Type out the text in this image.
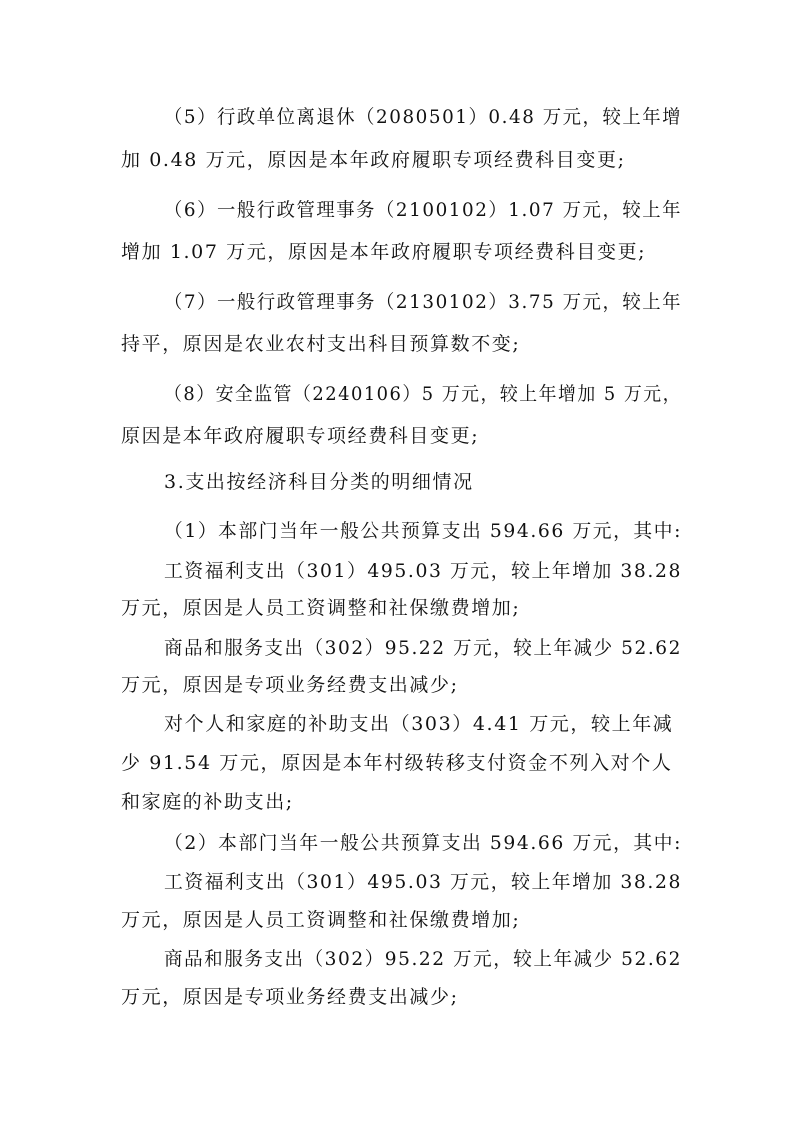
（5）行政单位离退休（2080501）0.48 万元，较上年增
加 0.48 万元，原因是本年政府履职专项经费科目变更;
（6）一般行政管理事务（2100102）1.07 万元，较上年
增加 1.07 万元，原因是本年政府履职专项经费科目变更;
（7）一般行政管理事务（2130102）3.75 万元，较上年
持平，原因是农业农村支出科目预算数不变;
（8）安全监管（2240106）5 万元，较上年增加 5 万元，
原因是本年政府履职专项经费科目变更;
3.支出按经济科目分类的明细情况
（1）本部门当年一般公共预算支出 594.66 万元，其中:
工资福利支出（301）495.03 万元，较上年增加 38.28
万元，原因是人员工资调整和社保缴费增加;
商品和服务支出（302）95.22 万元，较上年减少 52.62
万元，原因是专项业务经费支出减少;
对个人和家庭的补助支出（303）4.41 万元，较上年减
少 91.54 万元，原因是本年村级转移支付资金不列入对个人
和家庭的补助支出;
（2）本部门当年一般公共预算支出 594.66 万元，其中:
工资福利支出（301）495.03 万元，较上年增加 38.28
万元，原因是人员工资调整和社保缴费增加;
商品和服务支出（302）95.22 万元，较上年减少 52.62
万元，原因是专项业务经费支出减少;
